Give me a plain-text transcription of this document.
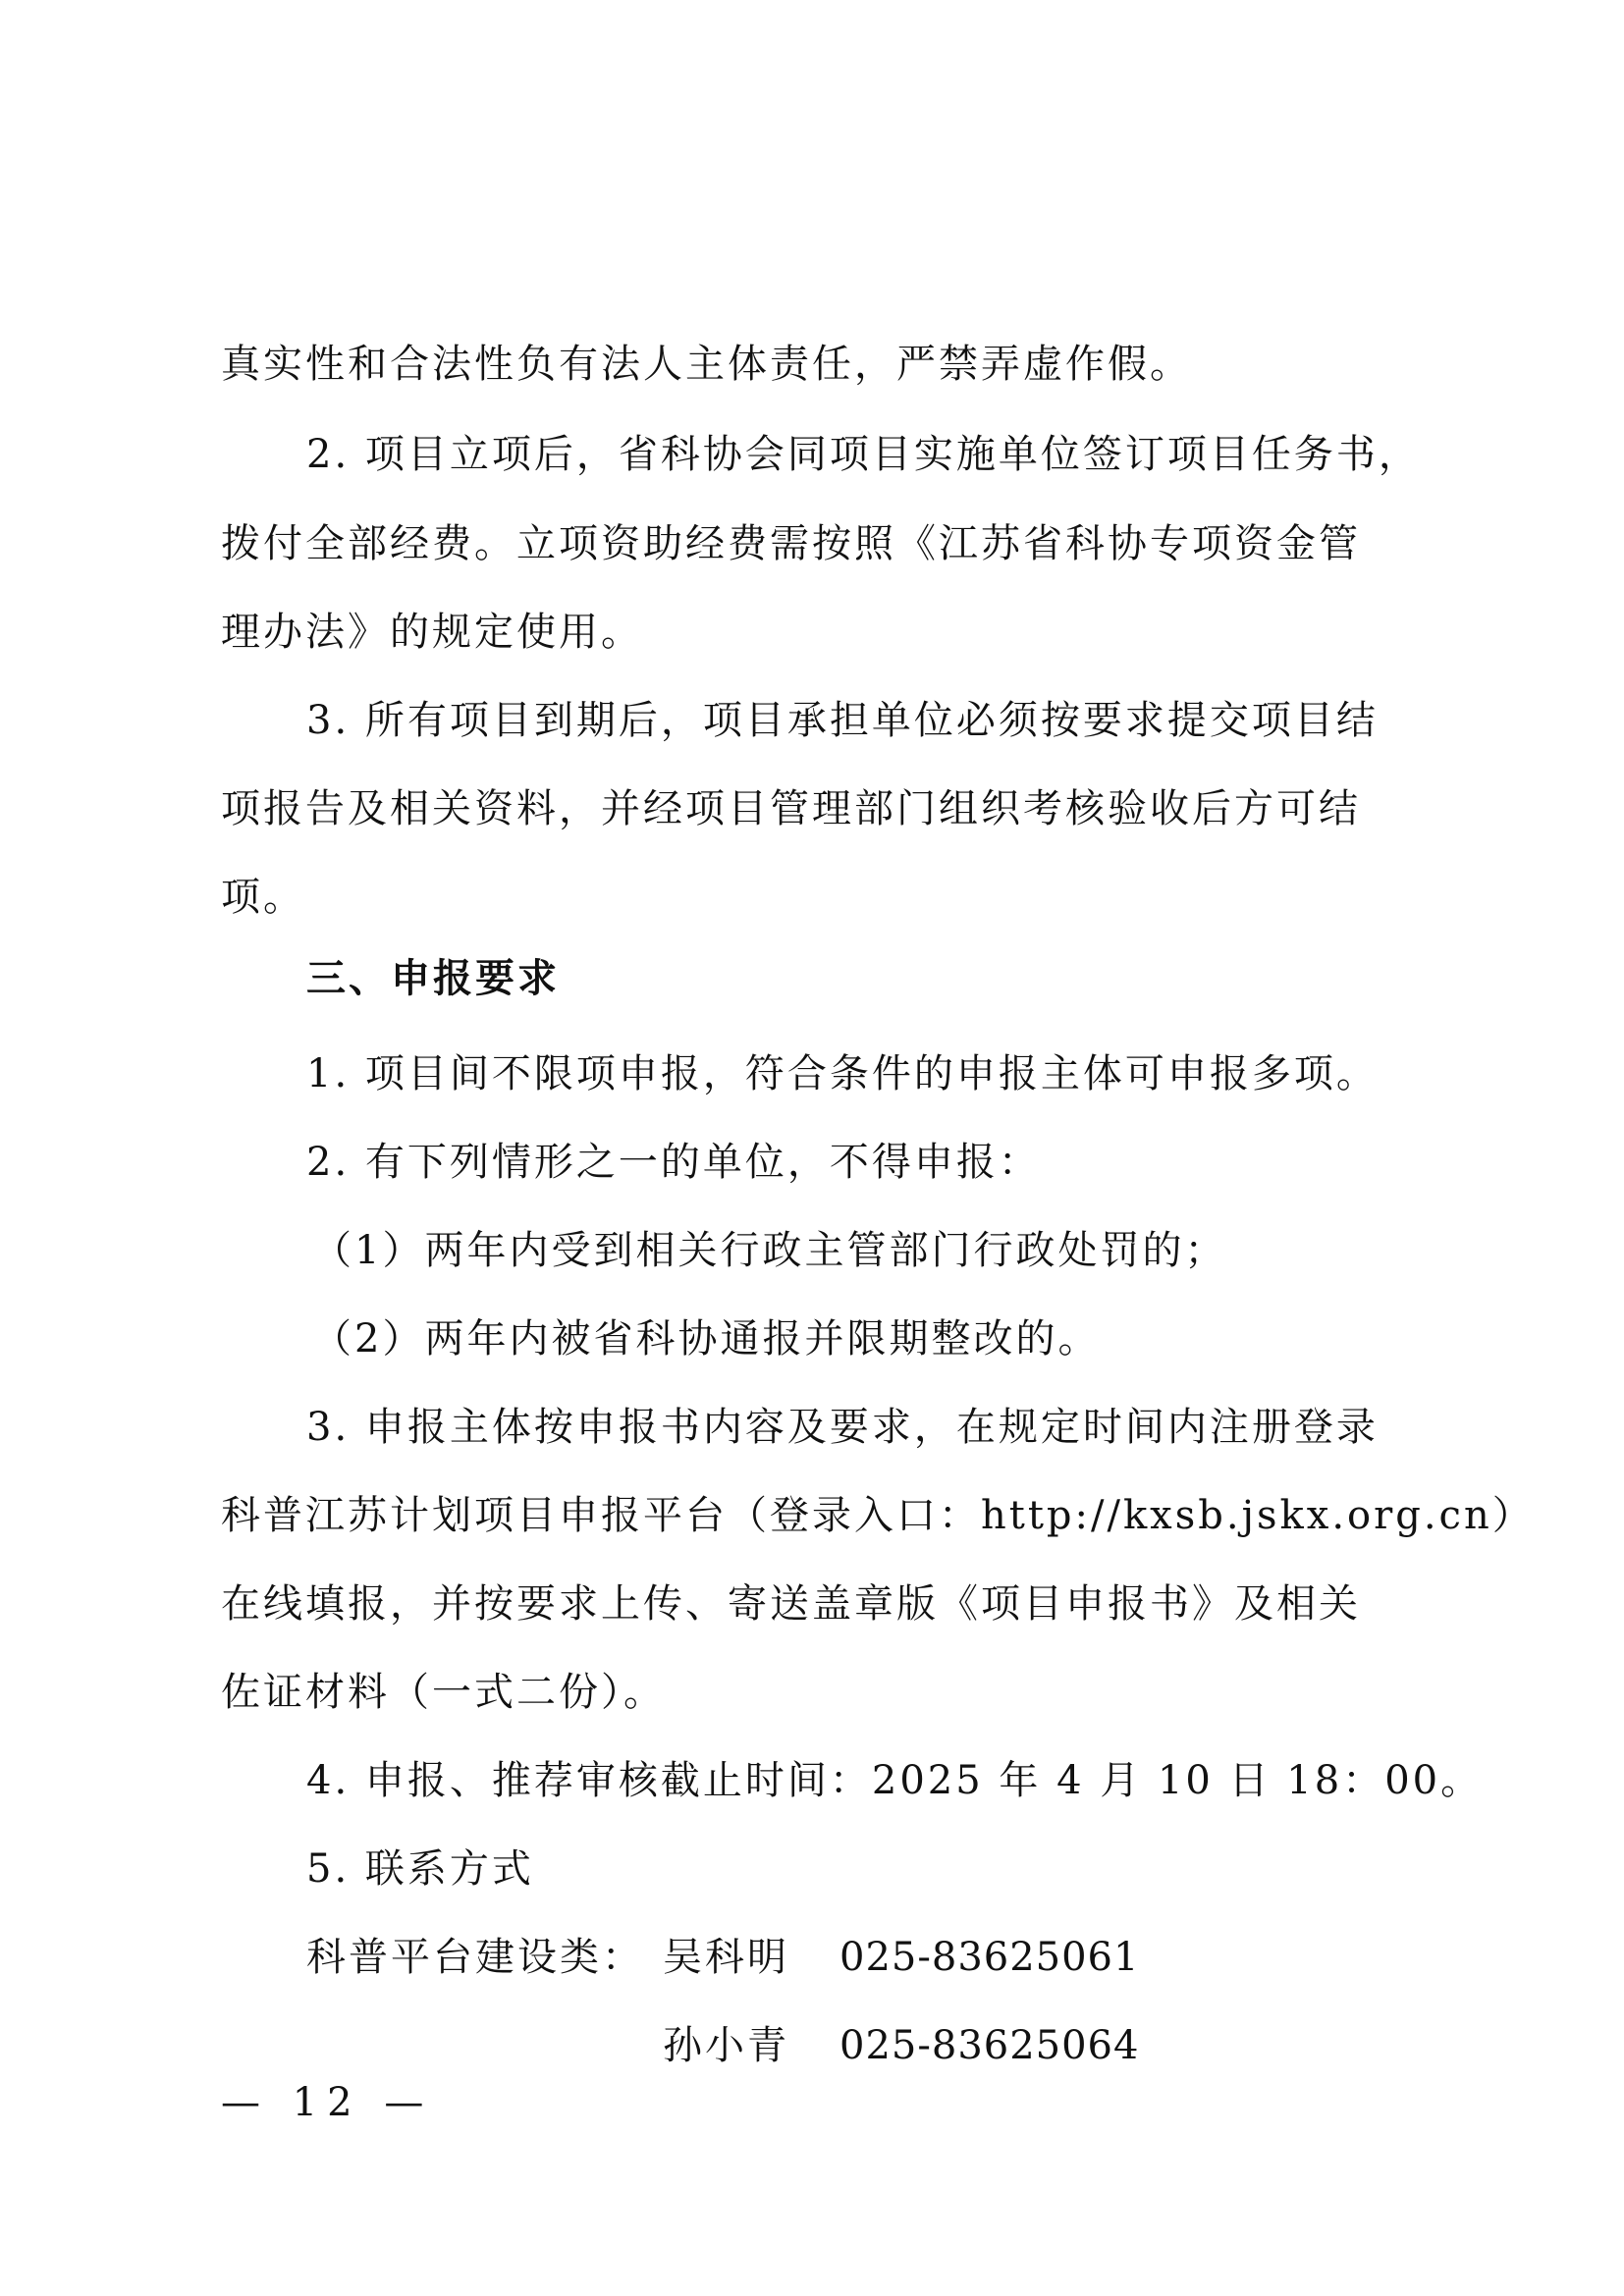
真实性和合法性负有法人主体责任，严禁弄虚作假。

2. 项目立项后，省科协会同项目实施单位签订项目任务书，

拨付全部经费。立项资助经费需按照《江苏省科协专项资金管

理办法》的规定使用。

3. 所有项目到期后，项目承担单位必须按要求提交项目结

项报告及相关资料，并经项目管理部门组织考核验收后方可结

项。

三、申报要求

1. 项目间不限项申报，符合条件的申报主体可申报多项。

2. 有下列情形之一的单位，不得申报：

（1）两年内受到相关行政主管部门行政处罚的；

（2）两年内被省科协通报并限期整改的。

3. 申报主体按申报书内容及要求，在规定时间内注册登录

科普江苏计划项目申报平台（登录入口：http://kxsb.jskx.org.cn）

在线填报，并按要求上传、寄送盖章版《项目申报书》及相关

佐证材料（一式二份）。

4. 申报、推荐审核截止时间：2025 年 4 月 10 日 18：00。

5. 联系方式

科普平台建设类： 吴科明	025-83625061

孙小青	025-83625064

— 12 —
